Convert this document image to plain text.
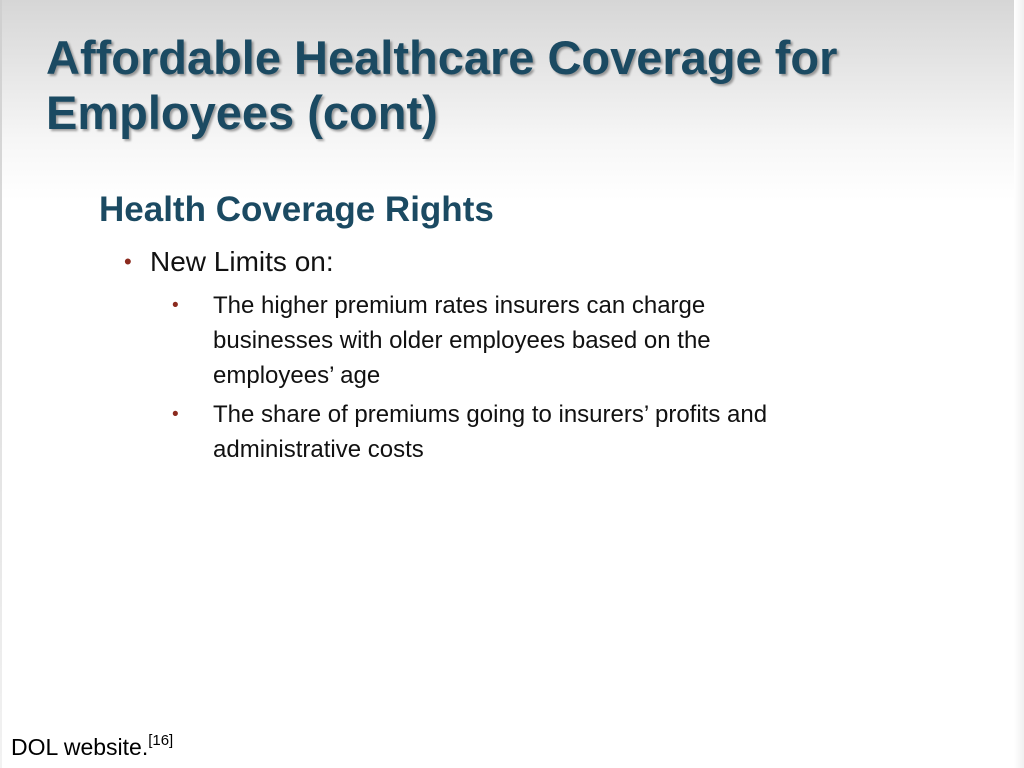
Affordable Healthcare Coverage for
Employees (cont)
Health Coverage Rights
• New Limits on:
• The higher premium rates insurers can charge
businesses with older employees based on the
employees’ age
• The share of premiums going to insurers’ profits and
administrative costs
DOL website.[16]
